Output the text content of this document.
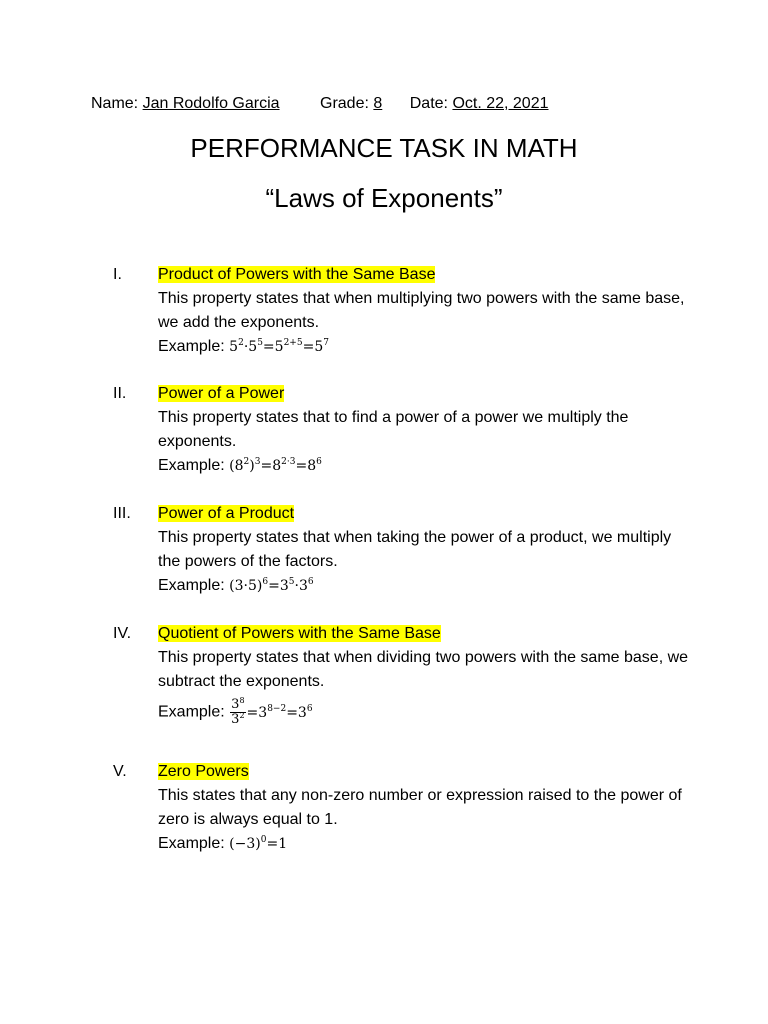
Name: Jan Rodolfo Garcia	Grade: 8 Date: Oct. 22, 2021
PERFORMANCE TASK IN MATH
“Laws of Exponents”
I. Product of Powers with the Same Base
This property states that when multiplying two powers with the same base, we add the exponents.
Example: $5^2\cdot 5^5=5^{2+5}=5^7$
II. Power of a Power
This property states that to find a power of a power we multiply the exponents.
Example: $(8^2)^3=8^{2\cdot 3}=8^6$
III. Power of a Product
This property states that when taking the power of a product, we multiply the powers of the factors.
Example: $(3\cdot 5)^6=3^5\cdot 3^6$
IV. Quotient of Powers with the Same Base
This property states that when dividing two powers with the same base, we subtract the exponents.
Example: $\frac{3^8}{3^2} =3^{8-2}=3^6$
V. Zero Powers
This states that any non-zero number or expression raised to the power of zero is always equal to 1.
Example: $(-3)^0=1$
